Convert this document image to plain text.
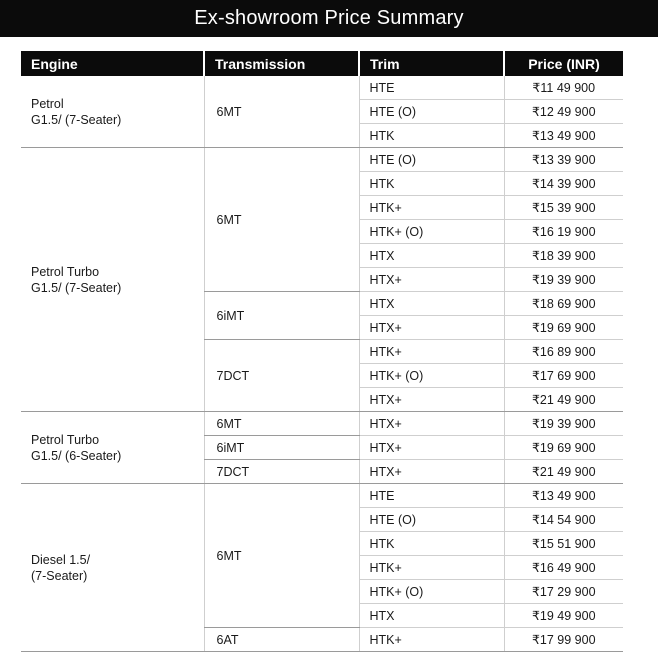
Ex-showroom Price Summary
Engine	Transmission	Trim	Price (INR)

Petrol
G1.5/ (7-Seater)	6MT	HTE	₹11 49 900
		HTE (O)	₹12 49 900
		HTK	₹13 49 900

Petrol Turbo
G1.5/ (7-Seater)	6MT	HTE (O)	₹13 39 900
		HTK	₹14 39 900
		HTK+	₹15 39 900
		HTK+ (O)	₹16 19 900
		HTX	₹18 39 900
		HTX+	₹19 39 900
	6iMT	HTX	₹18 69 900
		HTX+	₹19 69 900
	7DCT	HTK+	₹16 89 900
		HTK+ (O)	₹17 69 900
		HTX+	₹21 49 900

Petrol Turbo
G1.5/ (6-Seater)	6MT	HTX+	₹19 39 900
	6iMT	HTX+	₹19 69 900
	7DCT	HTX+	₹21 49 900

Diesel 1.5/
(7-Seater)	6MT	HTE	₹13 49 900
		HTE (O)	₹14 54 900
		HTK	₹15 51 900
		HTK+	₹16 49 900
		HTK+ (O)	₹17 29 900
		HTX	₹19 49 900
	6AT	HTK+	₹17 99 900
